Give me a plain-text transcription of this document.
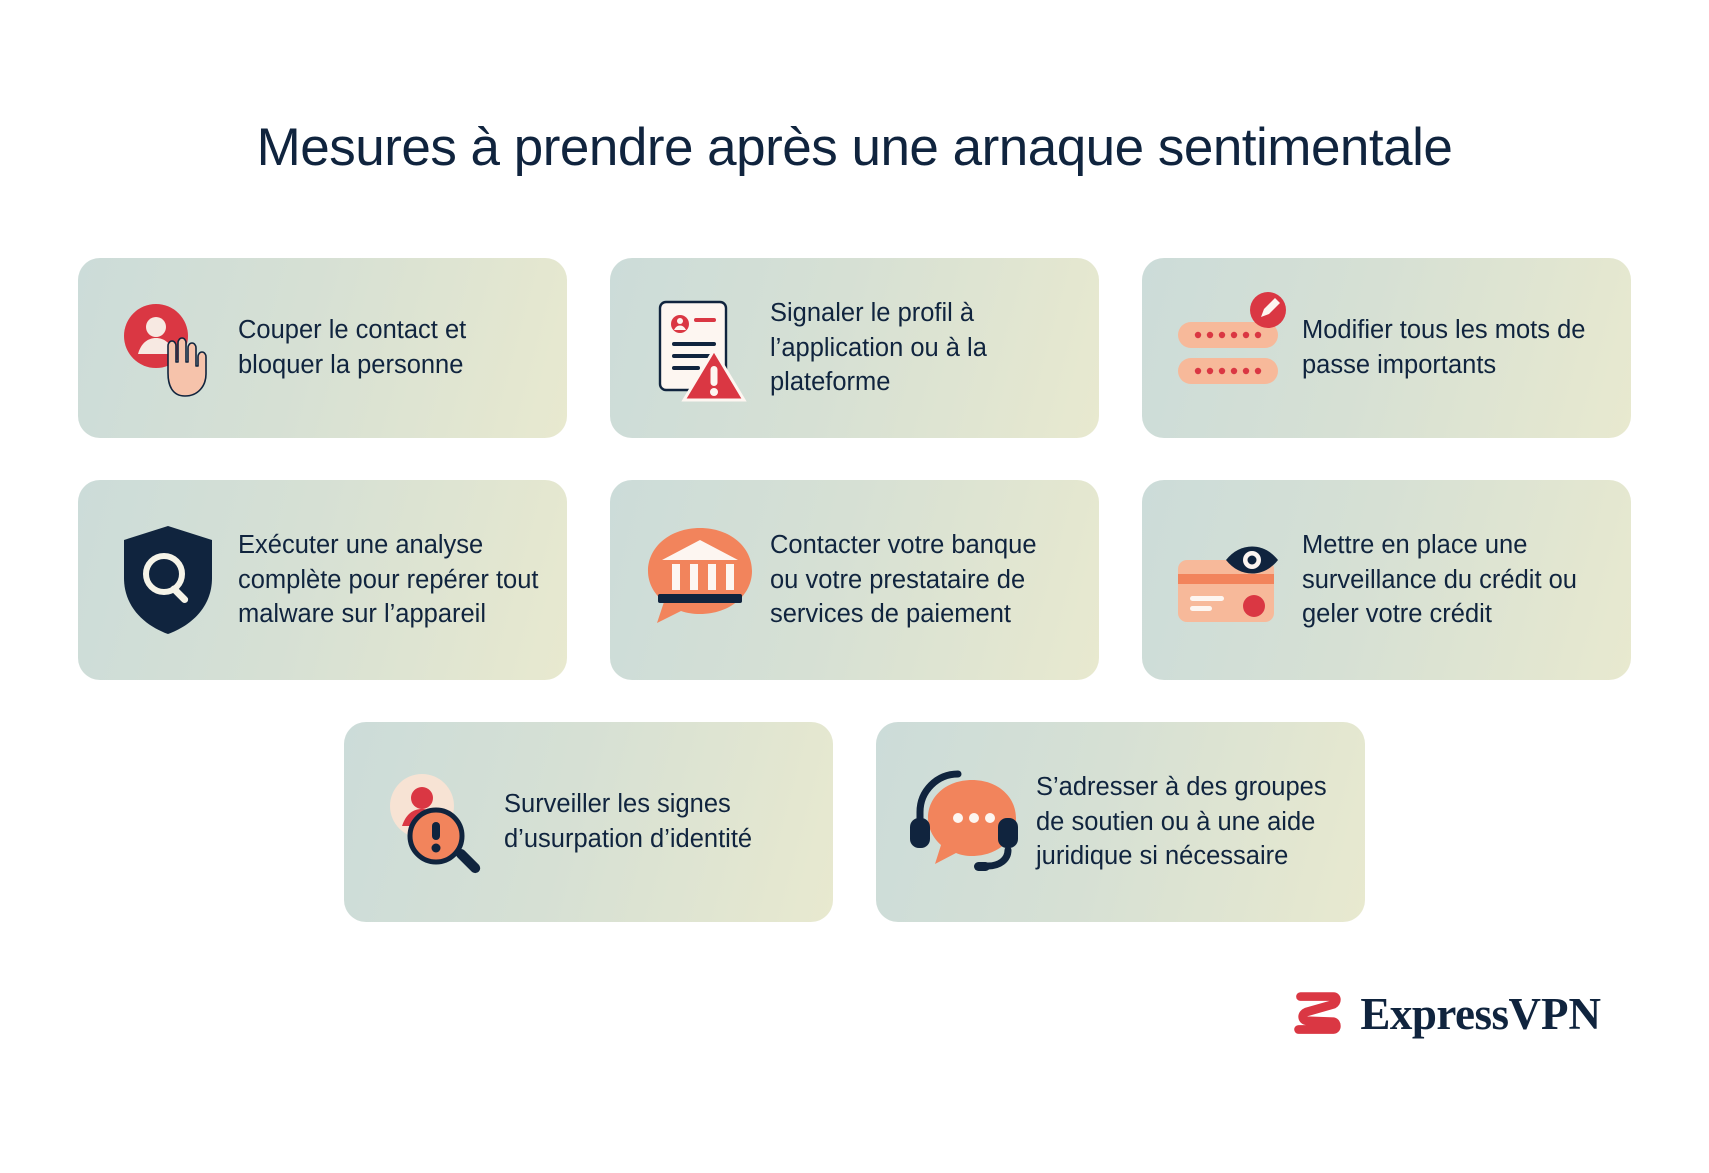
Mesures à prendre après une arnaque sentimentale
Couper le contact et bloquer la personne
Signaler le profil à l’application ou à la plateforme
Modifier tous les mots de passe importants
Exécuter une analyse complète pour repérer tout malware sur l’appareil
Contacter votre banque ou votre prestataire de services de paiement
Mettre en place une surveillance du crédit ou geler votre crédit
Surveiller les signes d’usurpation d’identité
S’adresser à des groupes de soutien ou à une aide juridique si nécessaire
ExpressVPN
